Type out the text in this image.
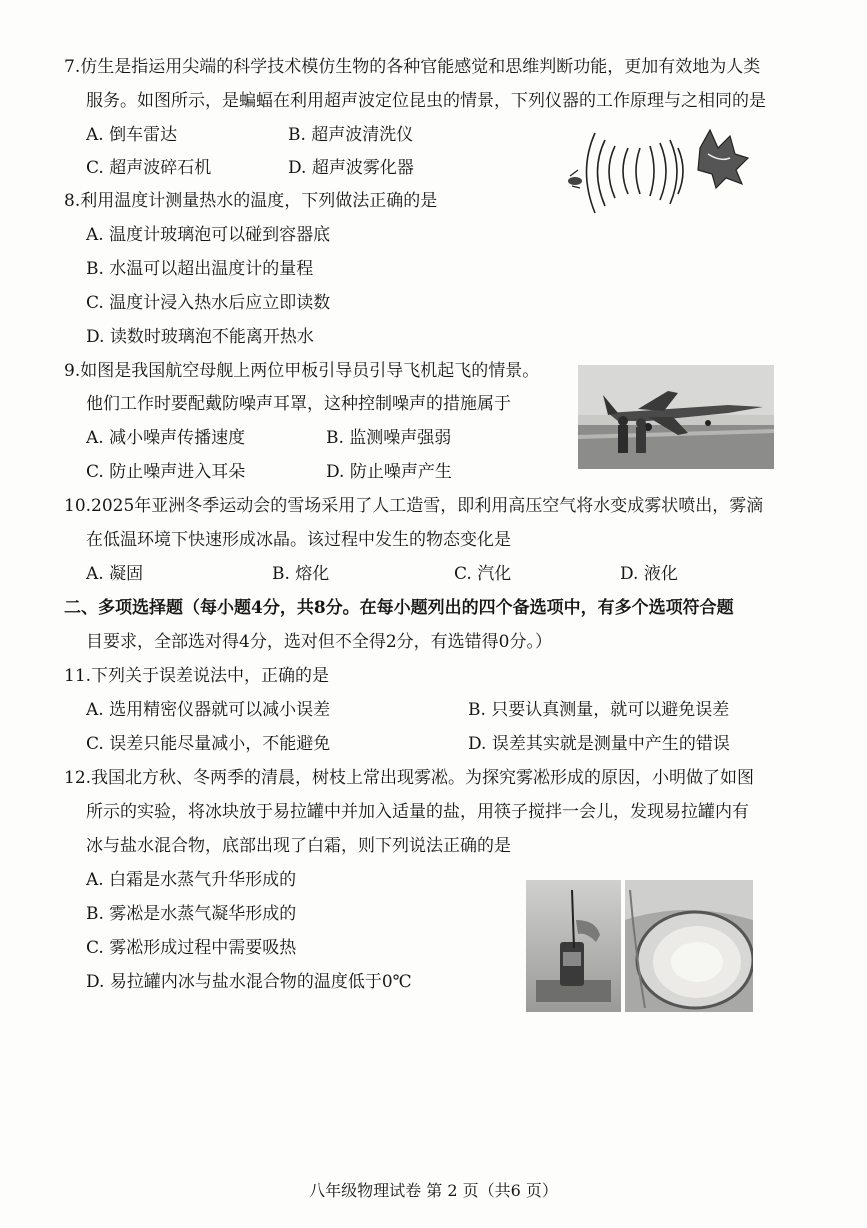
7.仿生是指运用尖端的科学技术模仿生物的各种官能感觉和思维判断功能，更加有效地为人类
服务。如图所示，是蝙蝠在利用超声波定位昆虫的情景，下列仪器的工作原理与之相同的是
A. 倒车雷达	B. 超声波清洗仪
C. 超声波碎石机	D. 超声波雾化器
8.利用温度计测量热水的温度，下列做法正确的是
A. 温度计玻璃泡可以碰到容器底
B. 水温可以超出温度计的量程
C. 温度计浸入热水后应立即读数
D. 读数时玻璃泡不能离开热水
9.如图是我国航空母舰上两位甲板引导员引导飞机起飞的情景。
他们工作时要配戴防噪声耳罩，这种控制噪声的措施属于
A. 减小噪声传播速度	B. 监测噪声强弱
C. 防止噪声进入耳朵	D. 防止噪声产生
10.2025年亚洲冬季运动会的雪场采用了人工造雪，即利用高压空气将水变成雾状喷出，雾滴
在低温环境下快速形成冰晶。该过程中发生的物态变化是
A. 凝固	B. 熔化	C. 汽化	D. 液化
二、多项选择题（每小题4分，共8分。在每小题列出的四个备选项中，有多个选项符合题
目要求，全部选对得4分，选对但不全得2分，有选错得0分。）
11.下列关于误差说法中，正确的是
A. 选用精密仪器就可以减小误差	B. 只要认真测量，就可以避免误差
C. 误差只能尽量减小，不能避免	D. 误差其实就是测量中产生的错误
12.我国北方秋、冬两季的清晨，树枝上常出现雾凇。为探究雾凇形成的原因，小明做了如图
所示的实验，将冰块放于易拉罐中并加入适量的盐，用筷子搅拌一会儿，发现易拉罐内有
冰与盐水混合物，底部出现了白霜，则下列说法正确的是
A. 白霜是水蒸气升华形成的
B. 雾凇是水蒸气凝华形成的
C. 雾凇形成过程中需要吸热
D. 易拉罐内冰与盐水混合物的温度低于0℃
八年级物理试卷 第 2 页（共6 页）
